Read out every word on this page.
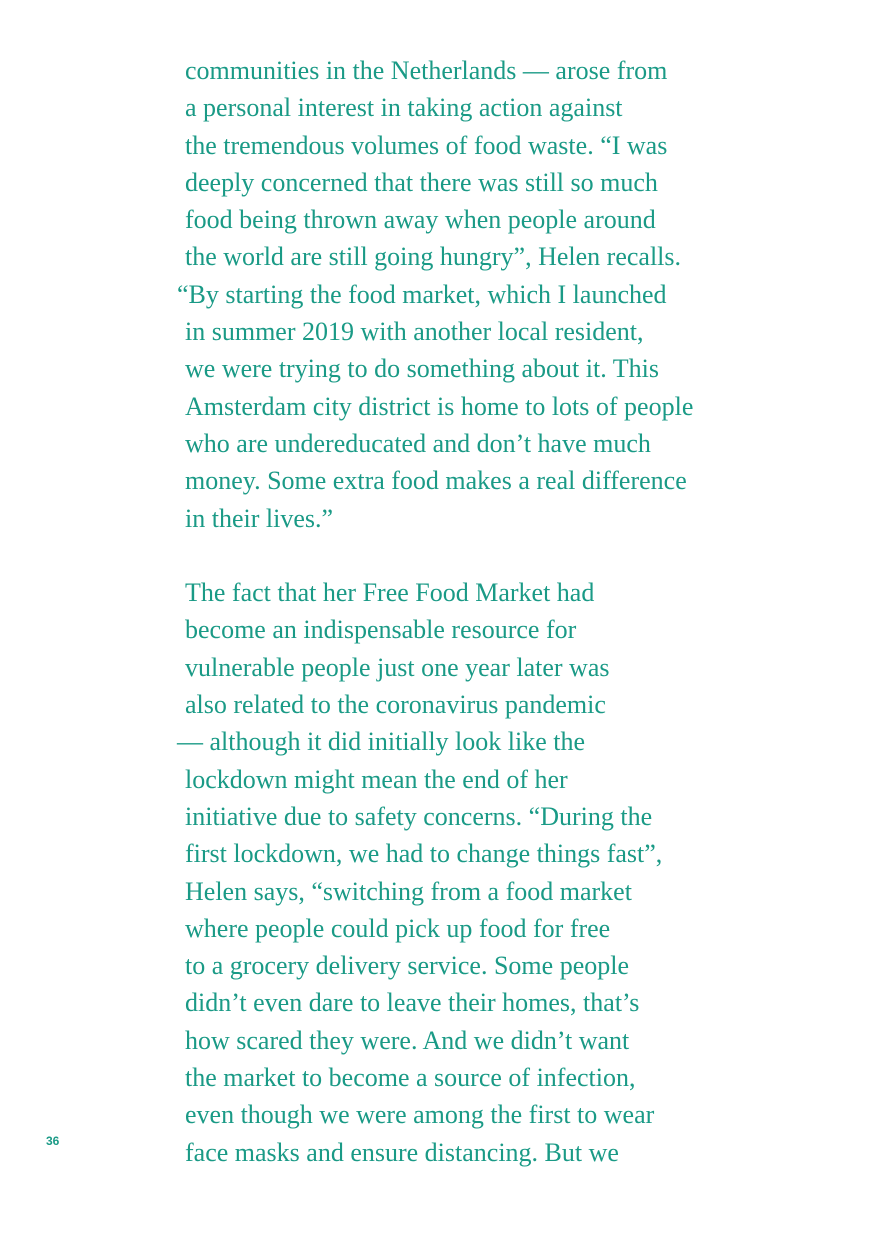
communities in the Netherlands — arose from
a personal interest in taking action against
the tremendous volumes of food waste. “I was
deeply concerned that there was still so much
food being thrown away when people around
the world are still going hungry”, Helen recalls.
“By starting the food market, which I launched
in summer 2019 with another local resident,
we were trying to do something about it. This
Amsterdam city district is home to lots of people
who are undereducated and don’t have much
money. Some extra food makes a real difference
in their lives.”

The fact that her Free Food Market had
become an indispensable resource for
vulnerable people just one year later was
also related to the coronavirus pandemic
— although it did initially look like the
lockdown might mean the end of her
initiative due to safety concerns. “During the
first lockdown, we had to change things fast”,
Helen says, “switching from a food market
where people could pick up food for free
to a grocery delivery service. Some people
didn’t even dare to leave their homes, that’s
how scared they were. And we didn’t want
the market to become a source of infection,
even though we were among the first to wear
face masks and ensure distancing. But we

36
